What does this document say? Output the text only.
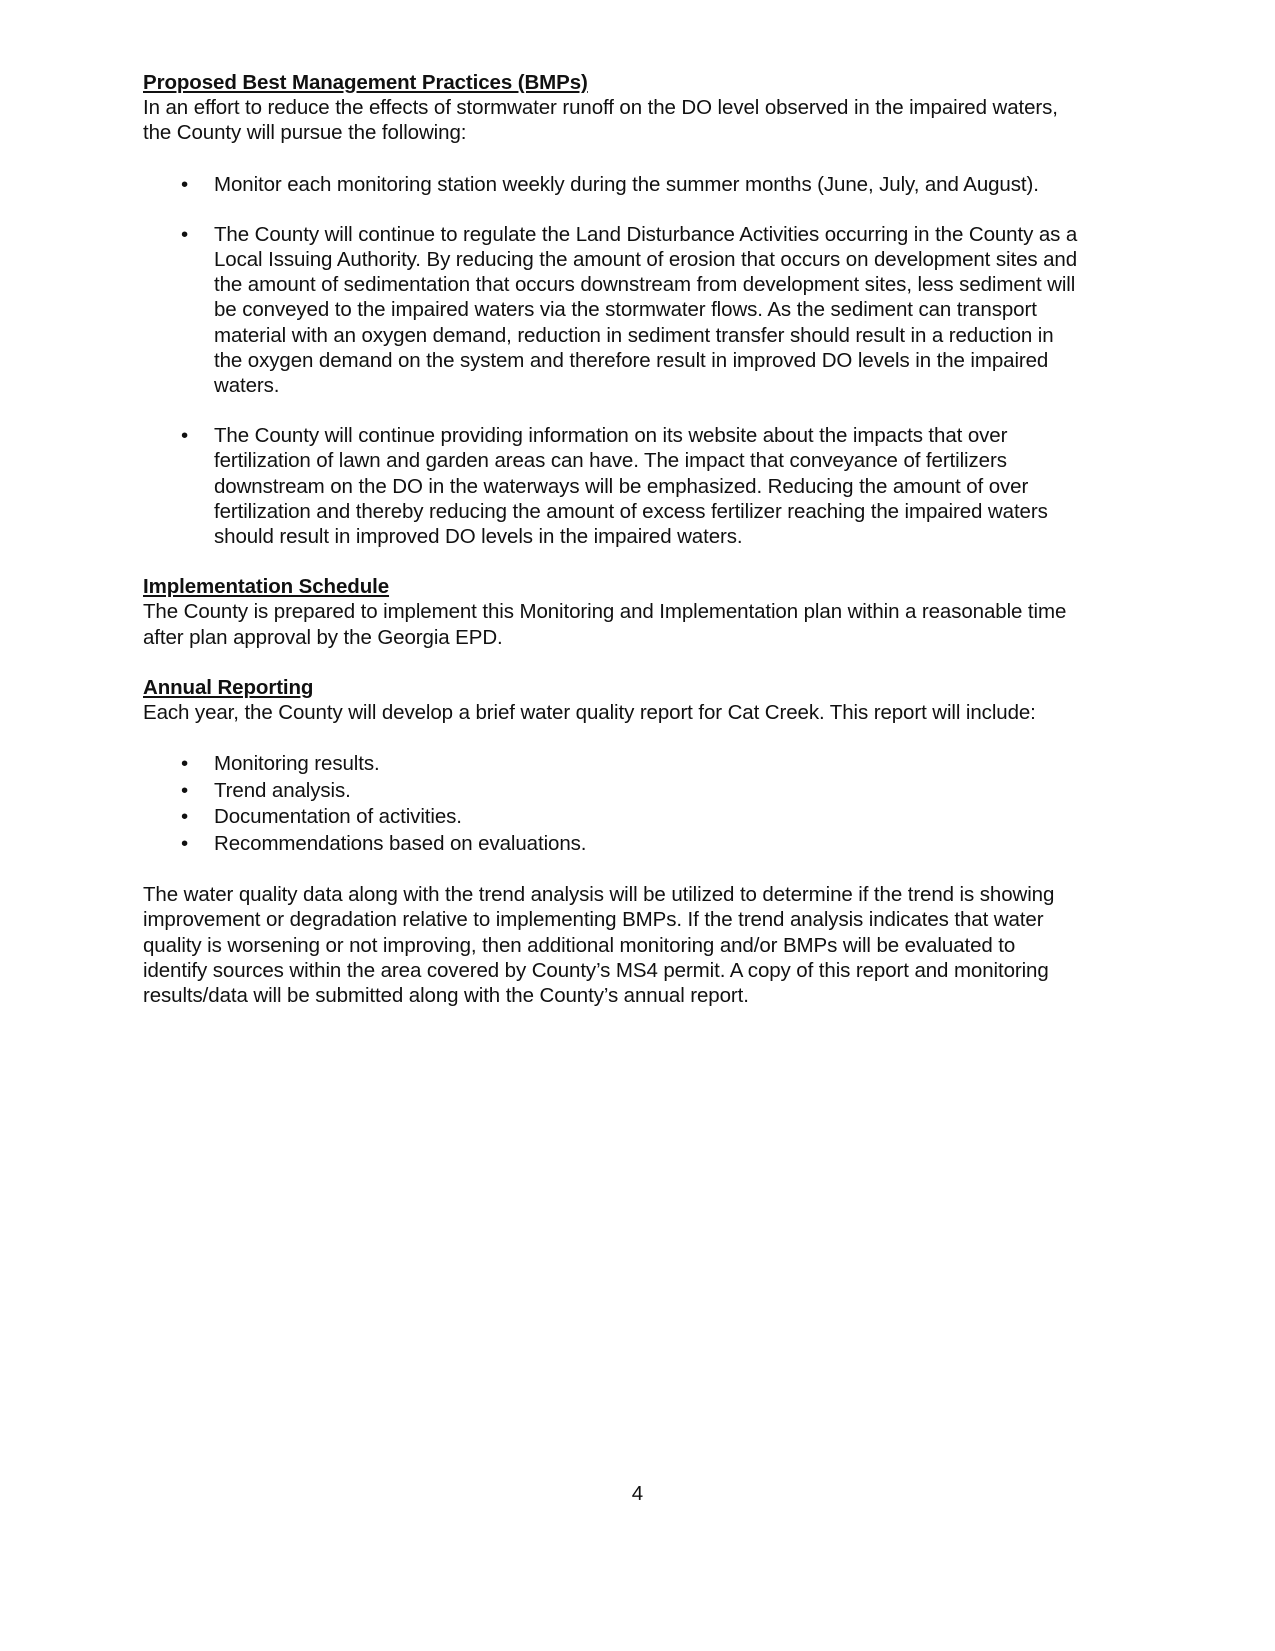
Proposed Best Management Practices (BMPs)

In an effort to reduce the effects of stormwater runoff on the DO level observed in the impaired waters, the County will pursue the following:

• Monitor each monitoring station weekly during the summer months (June, July, and August).
• The County will continue to regulate the Land Disturbance Activities occurring in the County as a Local Issuing Authority. By reducing the amount of erosion that occurs on development sites and the amount of sedimentation that occurs downstream from development sites, less sediment will be conveyed to the impaired waters via the stormwater flows. As the sediment can transport material with an oxygen demand, reduction in sediment transfer should result in a reduction in the oxygen demand on the system and therefore result in improved DO levels in the impaired waters.
• The County will continue providing information on its website about the impacts that over fertilization of lawn and garden areas can have. The impact that conveyance of fertilizers downstream on the DO in the waterways will be emphasized. Reducing the amount of over fertilization and thereby reducing the amount of excess fertilizer reaching the impaired waters should result in improved DO levels in the impaired waters.

Implementation Schedule

The County is prepared to implement this Monitoring and Implementation plan within a reasonable time after plan approval by the Georgia EPD.

Annual Reporting

Each year, the County will develop a brief water quality report for Cat Creek. This report will include:

• Monitoring results.
• Trend analysis.
• Documentation of activities.
• Recommendations based on evaluations.

The water quality data along with the trend analysis will be utilized to determine if the trend is showing improvement or degradation relative to implementing BMPs. If the trend analysis indicates that water quality is worsening or not improving, then additional monitoring and/or BMPs will be evaluated to identify sources within the area covered by County’s MS4 permit. A copy of this report and monitoring results/data will be submitted along with the County’s annual report.

4
